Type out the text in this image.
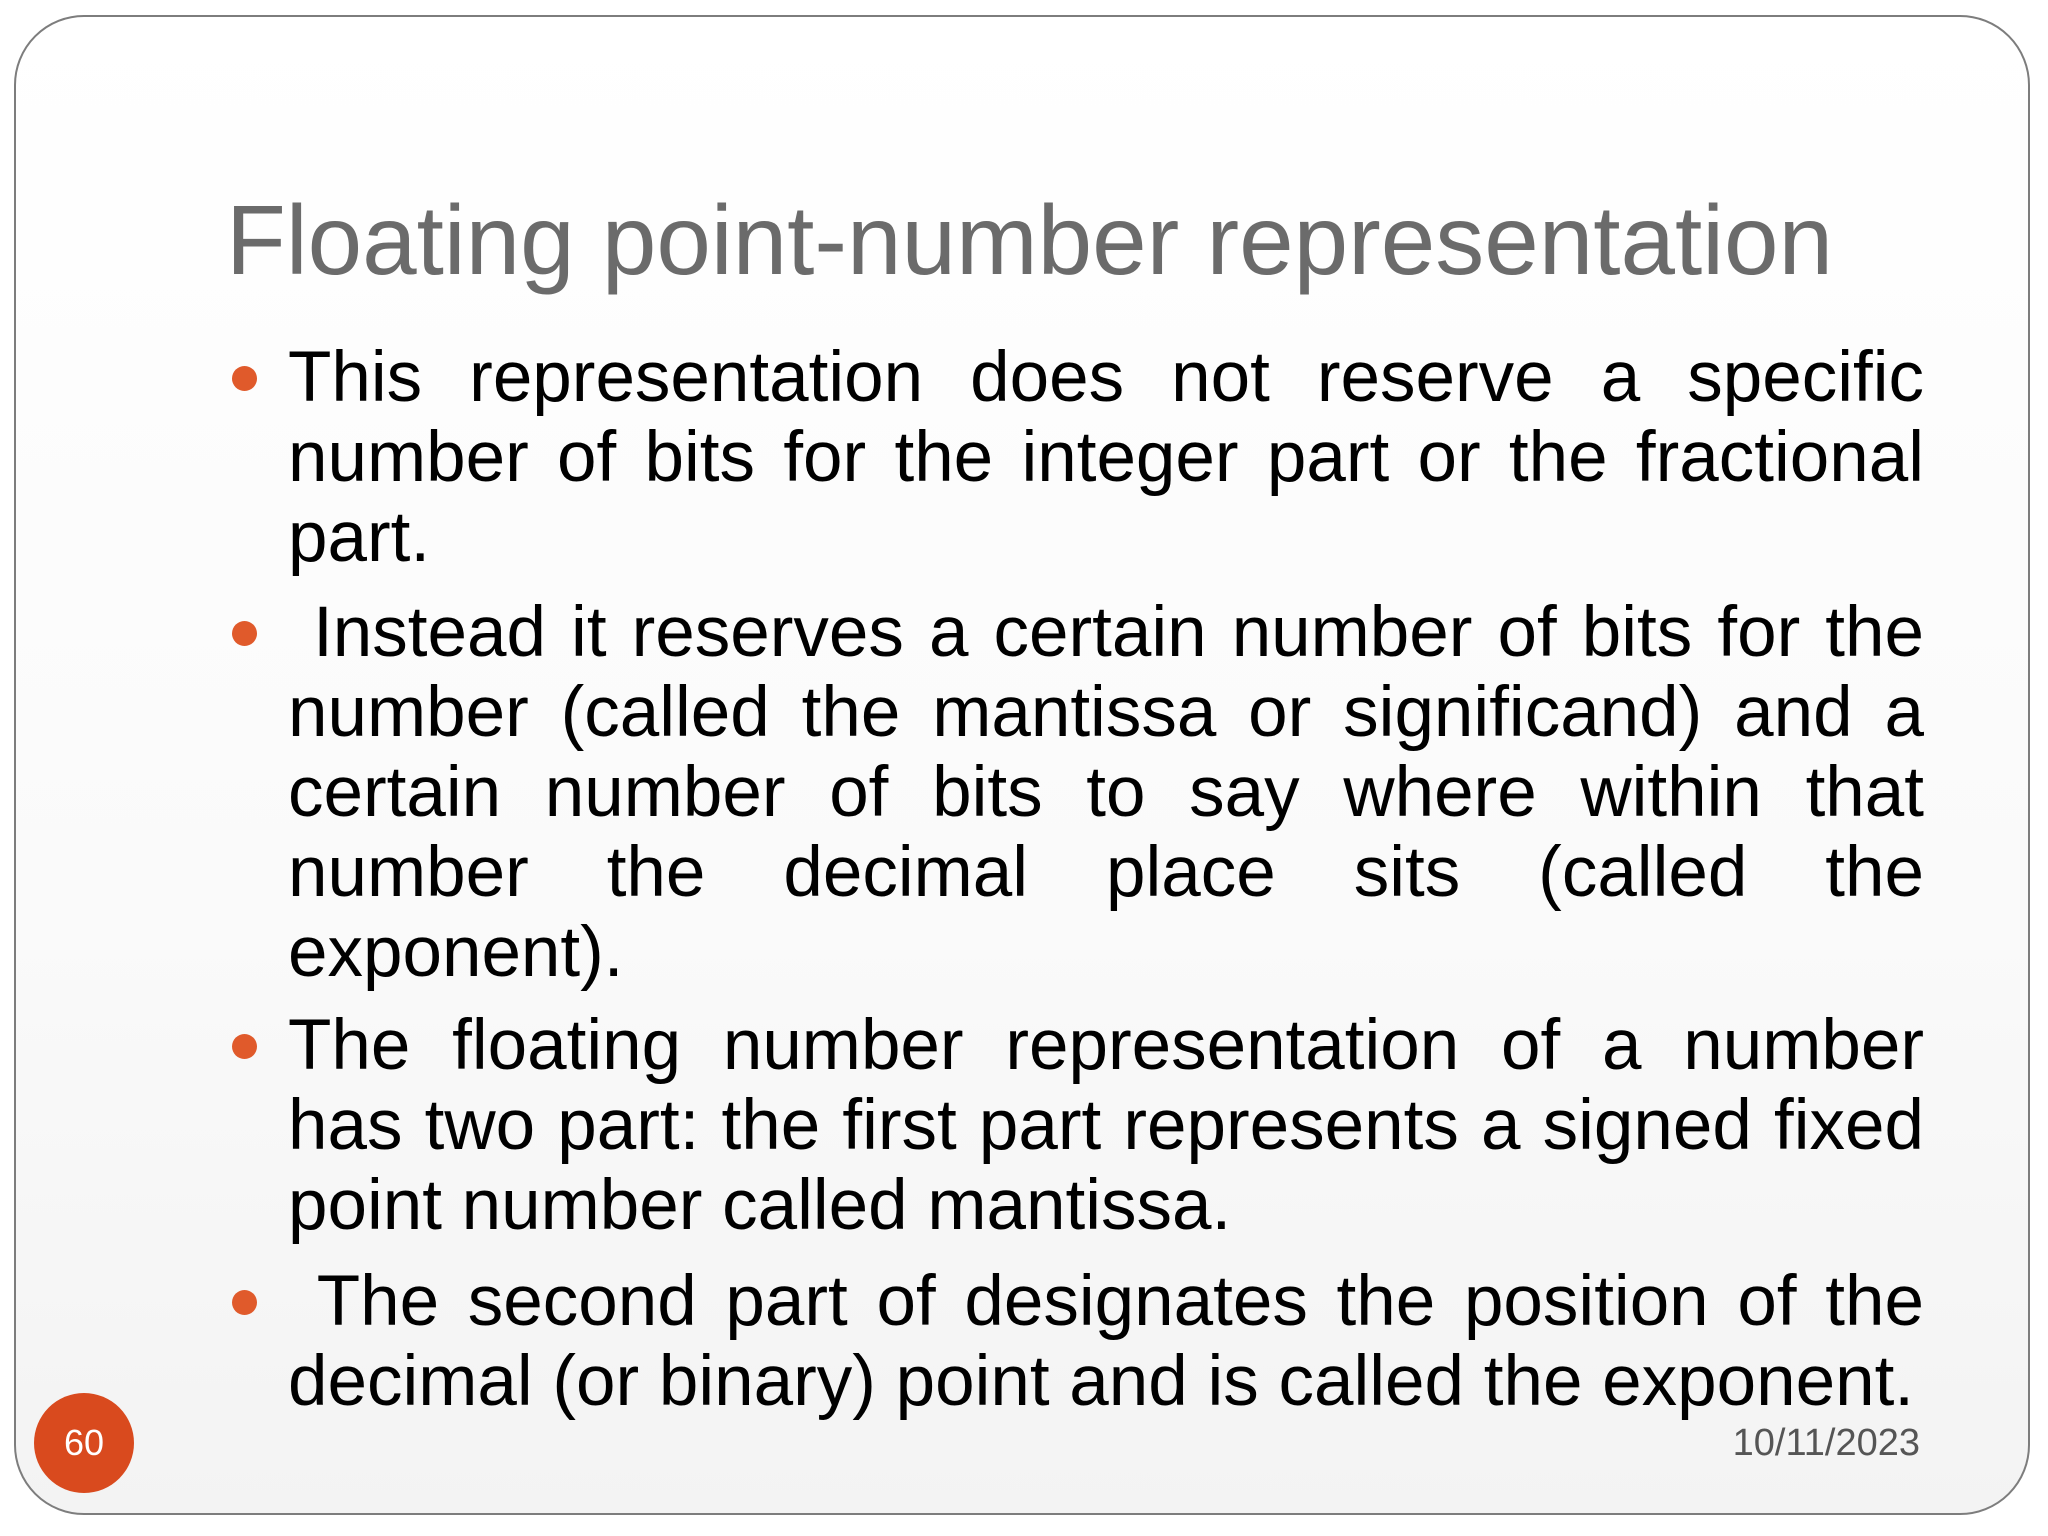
Floating point-number representation
This representation does not reserve a specific number of bits for the integer part or the fractional part.
Instead it reserves a certain number of bits for the number (called the mantissa or significand) and a certain number of bits to say where within that number the decimal place sits (called the exponent).
The floating number representation of a number has two part: the first part represents a signed fixed point number called mantissa.
The second part of designates the position of the decimal (or binary) point and is called the exponent.
60	10/11/2023
